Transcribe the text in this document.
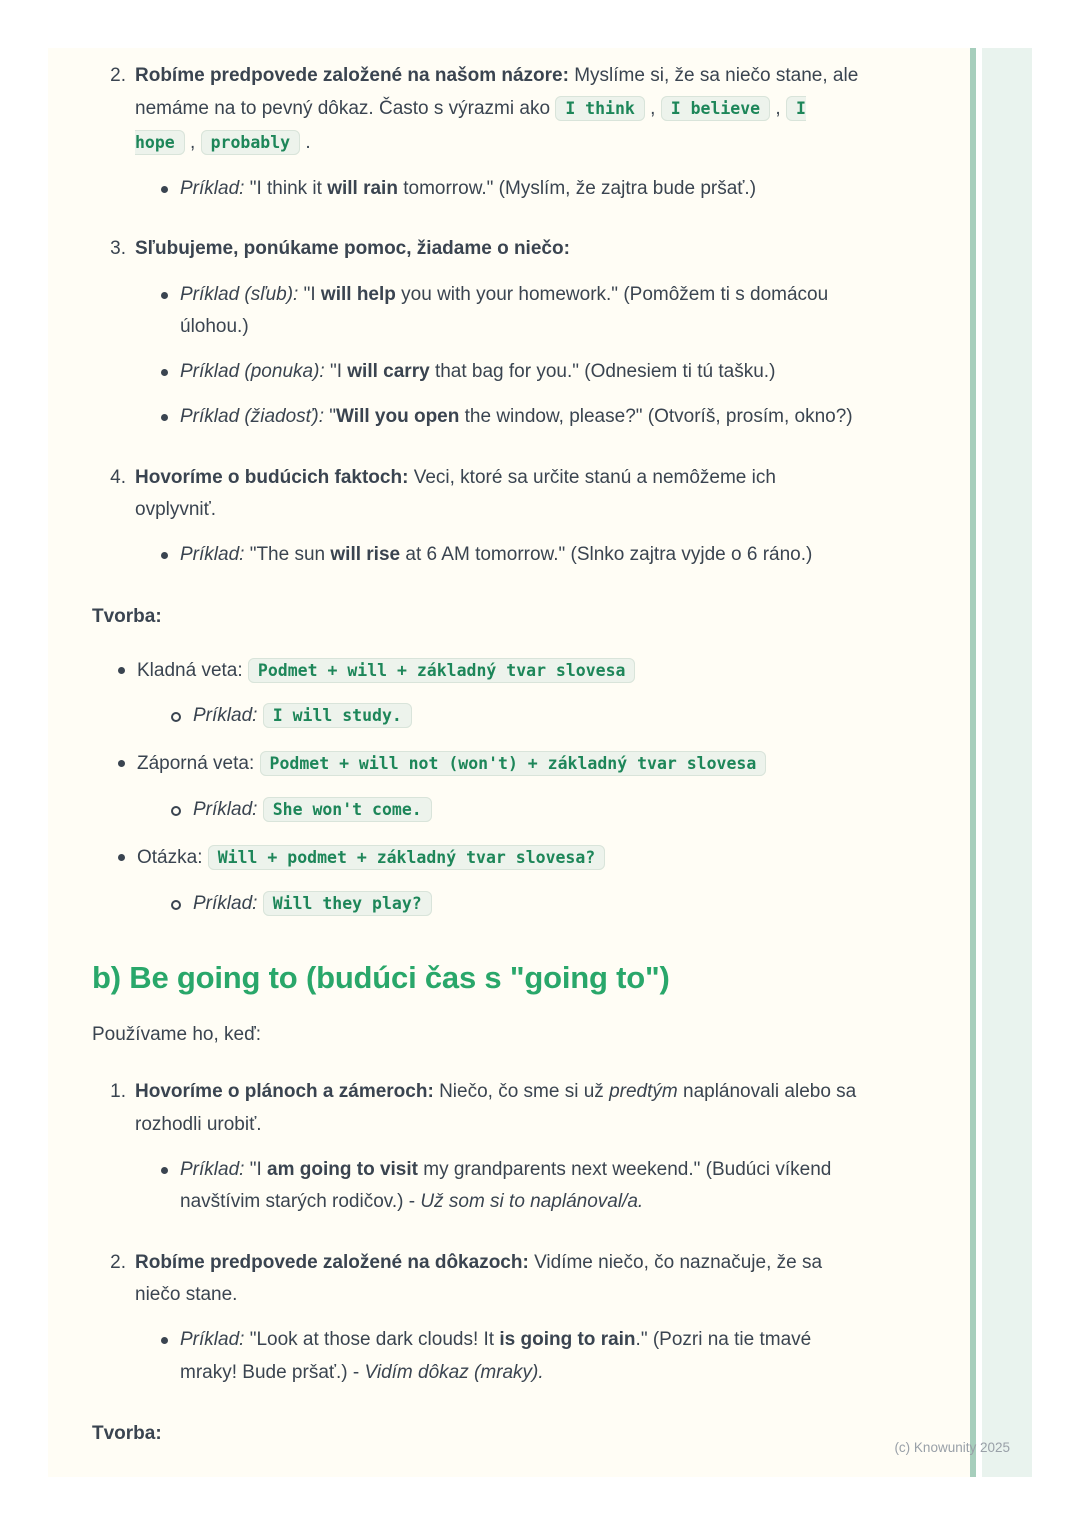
2. Robíme predpovede založené na našom názore: Myslíme si, že sa niečo stane, ale nemáme na to pevný dôkaz. Často s výrazmi ako I think , I believe , I hope , probably .

Príklad: "I think it will rain tomorrow." (Myslím, že zajtra bude pršať.)

3. Sľubujeme, ponúkame pomoc, žiadame o niečo:

Príklad (sľub): "I will help you with your homework." (Pomôžem ti s domácou úlohou.)

Príklad (ponuka): "I will carry that bag for you." (Odnesiem ti tú tašku.)

Príklad (žiadosť): "Will you open the window, please?" (Otvoríš, prosím, okno?)

4. Hovoríme o budúcich faktoch: Veci, ktoré sa určite stanú a nemôžeme ich ovplyvniť.

Príklad: "The sun will rise at 6 AM tomorrow." (Slnko zajtra vyjde o 6 ráno.)

Tvorba:

Kladná veta: Podmet + will + základný tvar slovesa

Príklad: I will study.

Záporná veta: Podmet + will not (won't) + základný tvar slovesa

Príklad: She won't come.

Otázka: Will + podmet + základný tvar slovesa?

Príklad: Will they play?

b) Be going to (budúci čas s "going to")

Používame ho, keď:

1. Hovoríme o plánoch a zámeroch: Niečo, čo sme si už predtým naplánovali alebo sa rozhodli urobiť.

Príklad: "I am going to visit my grandparents next weekend." (Budúci víkend navštívim starých rodičov.) - Už som si to naplánoval/a.

2. Robíme predpovede založené na dôkazoch: Vidíme niečo, čo naznačuje, že sa niečo stane.

Príklad: "Look at those dark clouds! It is going to rain." (Pozri na tie tmavé mraky! Bude pršať.) - Vidím dôkaz (mraky).

Tvorba:
(c) Knowunity 2025
